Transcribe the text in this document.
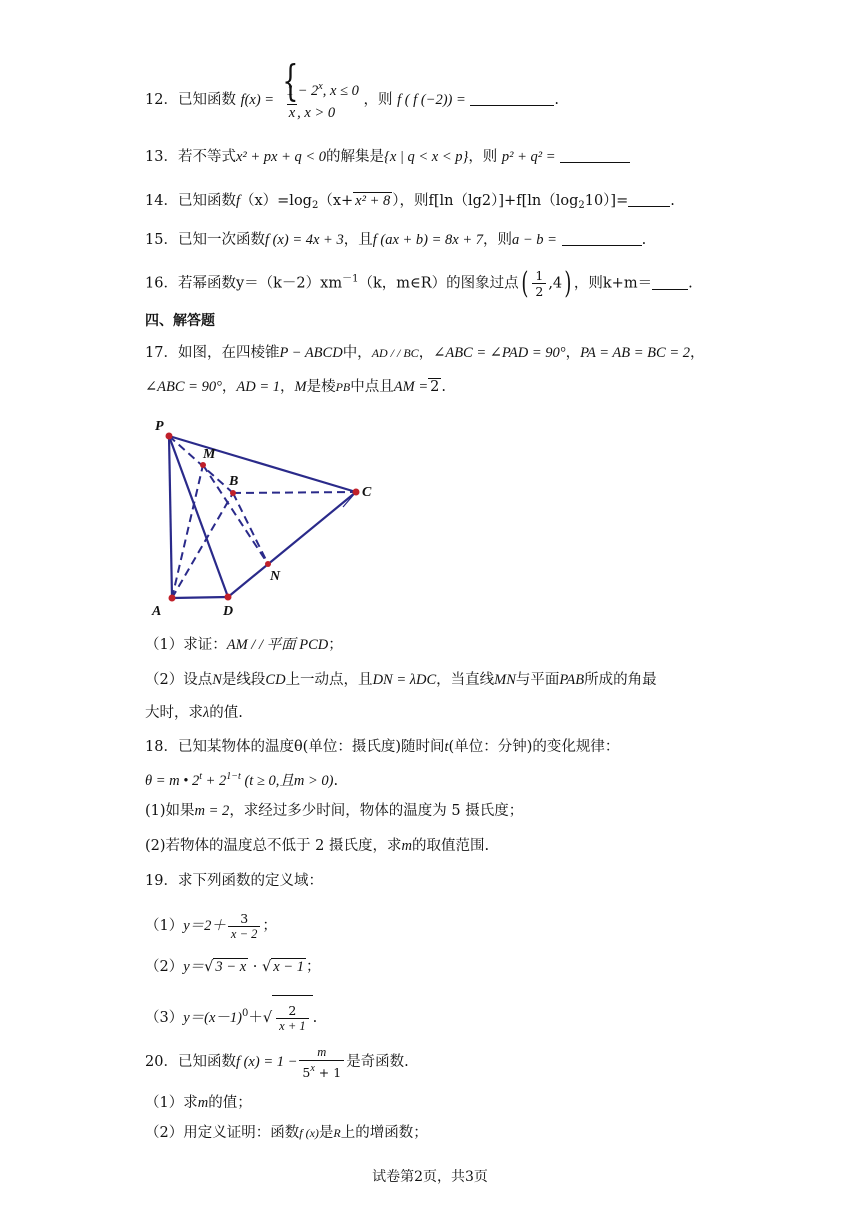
12．已知函数 f(x) =
{ $1 - 2^x$, x ≤ 0
x , x > 0
，则 f ( f (−2)) =	.
13．若不等式x² + px + q < 0的解集是{x | q < x < p}，则 p² + q² =
14．已知函数$f(x)=\log_2(x+ x^2 + 8$ ），则$f[\ln(\lg 2)]+f[\ln(\log_210)]=$	.
15．已知一次函数f (x) = 4x + 3，且f (ax + b) = 8x + 7，则a − b =	.
16．若幂函数$y=(k-2)xm^{-1}(k$，m∈R）的图象过点( $\frac{1}{2} ,4$) ，则k+m＝ .
四、解答题
17．如图，在四棱锥P − ABCD中，AD / / BC，∠ABC = ∠PAD = 90°，PA = AB = BC = 2，
∠ABC = 90°，AD = 1，M是棱PB中点且AM = 2 .
P
M
B
C
N
A	D
（1）求证：AM / / 平面 PCD；
（2）设点N是线段CD上一动点，且DN = λDC，当直线MN与平面PAB所成的角最
大时，求λ的值.
18．已知某物体的温度θ(单位：摄氏度)随时间t(单位：分钟)的变化规律：
θ = m • $2^t + 2^{1-t}$ (t ≥ 0,且m > 0).
(1)如果m = 2，求经过多少时间，物体的温度为 5 摄氏度；
(2)若物体的温度总不低于 2 摄氏度，求m的取值范围.
19．求下列函数的定义域：
$(1)y=2+ \frac{3}{x - 2}$ ；
（2）y＝√ 3 − x · √ x − 1 ；
$(3)y=(x-1)^0+√ \frac{2}{x + 1}$ .
20．已知函数f $(x) = 1 - \frac{m}{5^x + 1}$ 是奇函数.
（1）求m的值；
（2）用定义证明：函数f (x)是R上的增函数；
试卷第2页，共3页
